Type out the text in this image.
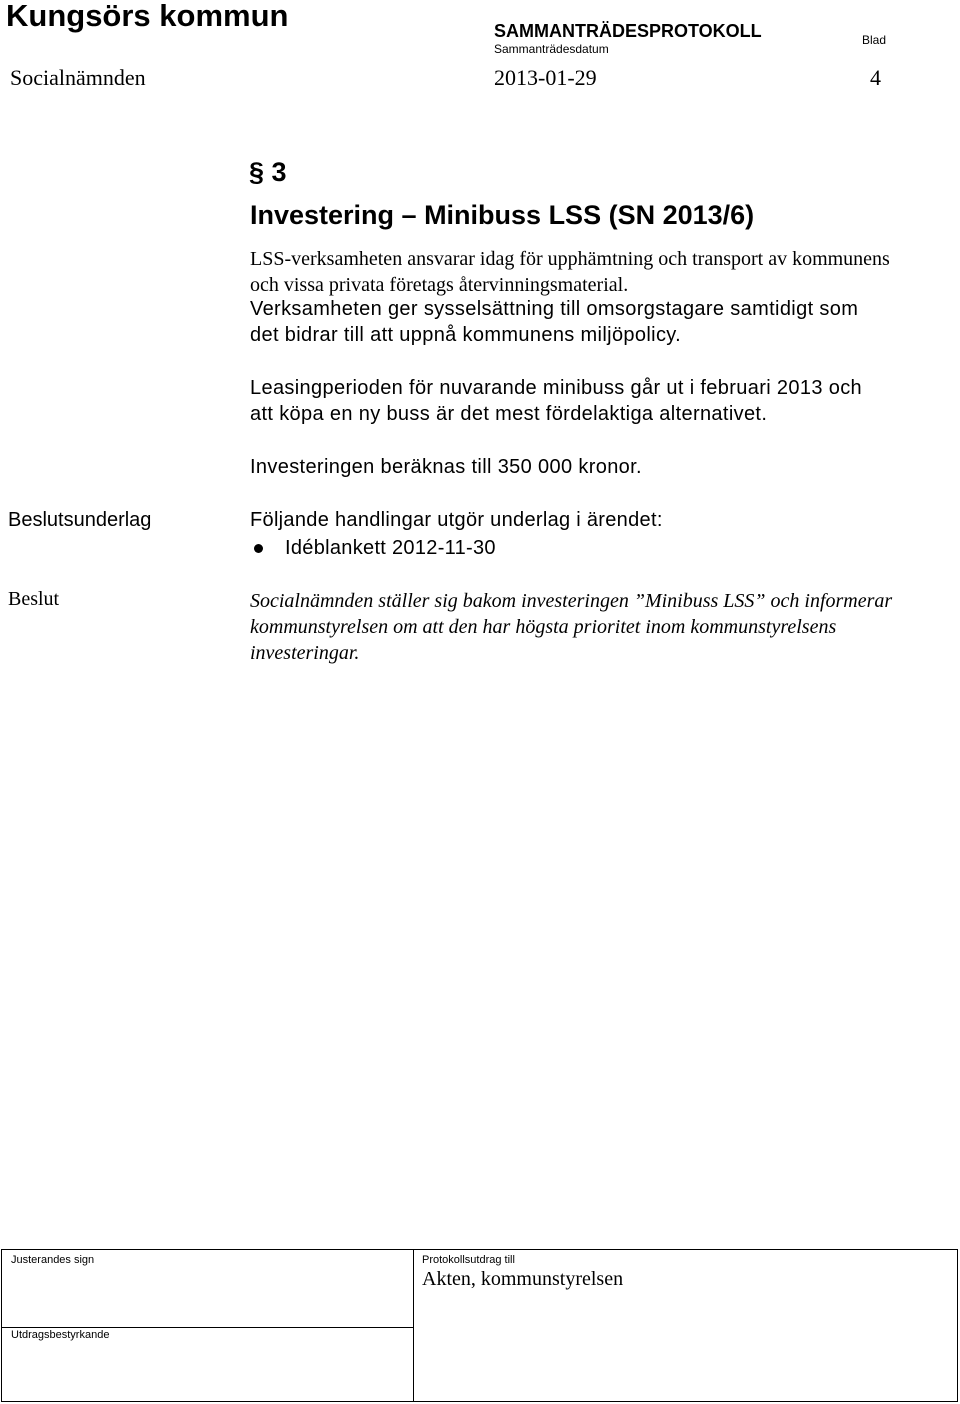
Kungsörs kommun	SAMMANTRÄDESPROTOKOLL	Blad
Sammanträdesdatum
Socialnämnden	2013-01-29	4
§ 3
Investering – Minibuss LSS (SN 2013/6)
LSS-verksamheten ansvarar idag för upphämtning och transport av kommunens och vissa privata företags återvinningsmaterial.
Verksamheten ger sysselsättning till omsorgstagare samtidigt som det bidrar till att uppnå kommunens miljöpolicy.
Leasingperioden för nuvarande minibuss går ut i februari 2013 och att köpa en ny buss är det mest fördelaktiga alternativet.
Investeringen beräknas till 350 000 kronor.
Beslutsunderlag	Följande handlingar utgör underlag i ärendet:
Idéblankett 2012-11-30
Beslut	Socialnämnden ställer sig bakom investeringen ”Minibuss LSS” och informerar kommunstyrelsen om att den har högsta prioritet inom kommunstyrelsens investeringar.
Justerandes sign	Protokollsutdrag till
Akten, kommunstyrelsen
Utdragsbestyrkande
